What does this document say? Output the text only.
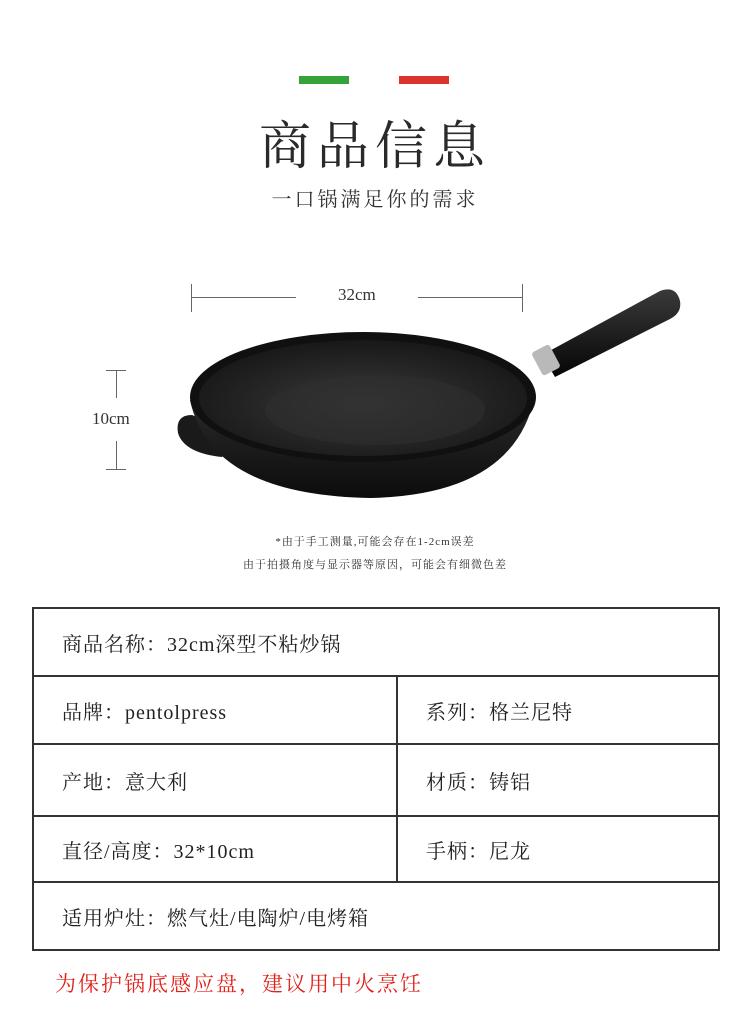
商品信息
一口锅满足你的需求
32cm
10cm
*由于手工测量,可能会存在1-2cm误差
由于拍摄角度与显示器等原因，可能会有细微色差
商品名称：32cm深型不粘炒锅	
品牌：pentolpress	系列：格兰尼特
产地：意大利	材质：铸铝
直径/高度：32*10cm	手柄：尼龙
适用炉灶：燃气灶/电陶炉/电烤箱	
为保护锅底感应盘，建议用中火烹饪
